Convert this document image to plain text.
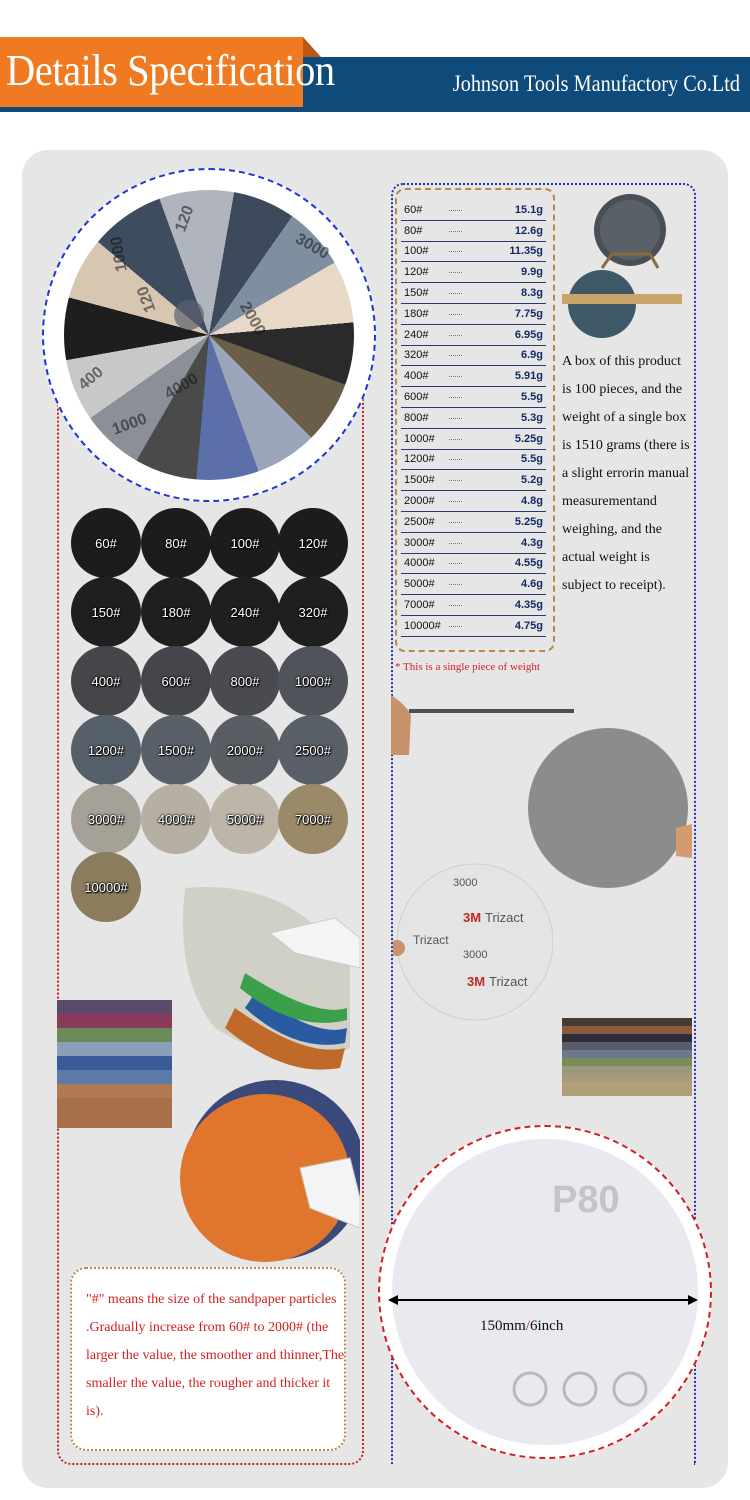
Details Specification	Johnson Tools Manufactory Co.Ltd
120
1000	3000
120	2000
4000
400
1000
60#	80#	100#	120#
150#	180#	240#	320#
400#	600#	800#	1000#
1200#	1500#	2000# 2500#
3000#	4000#	5000# 7000#
10000#
"#" means the size of the sandpaper particles .Gradually increase from 60# to 2000# (the larger the value, the smoother and thinner,The smaller the value, the rougher and thicker it is).
60#	·······	15.1g
80#	·······	12.6g
100#	·······	11.35g
120#	·······	9.9g
150#	·······	8.3g
180#	·······	7.75g
240#	·······	6.95g
320#	·······	6.9g
400#	·······	5.91g
600#	·······	5.5g
800#	·······	5.3g
1000#	·······	5.25g
1200#	·······	5.5g
1500#	·······	5.2g
2000#	·······	4.8g
2500#	·······	5.25g
3000#	·······	4.3g
4000#	·······	4.55g
5000#	·······	4.6g
7000#	·······	4.35g
10000#	·······	4.75g
* This is a single piece of weight
A box of this product is 100 pieces, and the weight of a single box is 1510 grams (there is a slight errorin manual measurementand weighing, and the actual weight is subject to receipt).
3000
3M Trizact
3000
Trizact
3M Trizact
P80
150mm/6inch
